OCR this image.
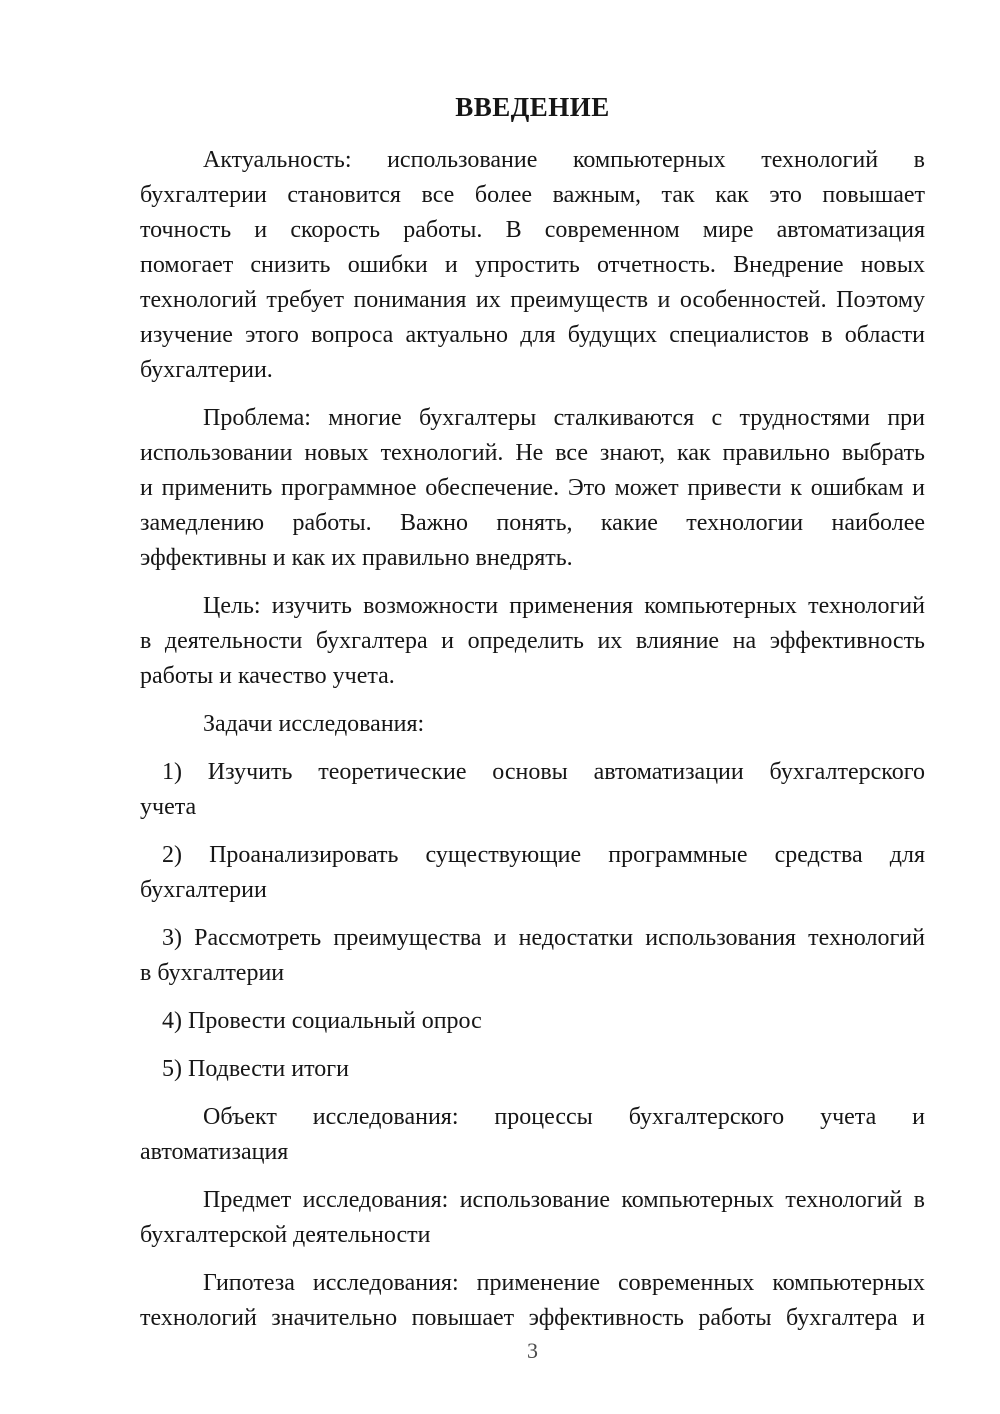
ВВЕДЕНИЕ

Актуальность: использование компьютерных технологий в
бухгалтерии становится все более важным, так как это повышает
точность и скорость работы. В современном мире автоматизация
помогает снизить ошибки и упростить отчетность. Внедрение новых
технологий требует понимания их преимуществ и особенностей. Поэтому
изучение этого вопроса актуально для будущих специалистов в области
бухгалтерии.

Проблема: многие бухгалтеры сталкиваются с трудностями при
использовании новых технологий. Не все знают, как правильно выбрать
и применить программное обеспечение. Это может привести к ошибкам и
замедлению работы. Важно понять, какие технологии наиболее
эффективны и как их правильно внедрять.

Цель: изучить возможности применения компьютерных технологий
в деятельности бухгалтера и определить их влияние на эффективность
работы и качество учета.

Задачи исследования:

1) Изучить теоретические основы автоматизации бухгалтерского
учета

2) Проанализировать существующие программные средства для
бухгалтерии

3) Рассмотреть преимущества и недостатки использования технологий
в бухгалтерии

4) Провести социальный опрос

5) Подвести итоги

Объект исследования: процессы бухгалтерского учета и
автоматизация

Предмет исследования: использование компьютерных технологий в
бухгалтерской деятельности

Гипотеза исследования: применение современных компьютерных
технологий значительно повышает эффективность работы бухгалтера и

3
